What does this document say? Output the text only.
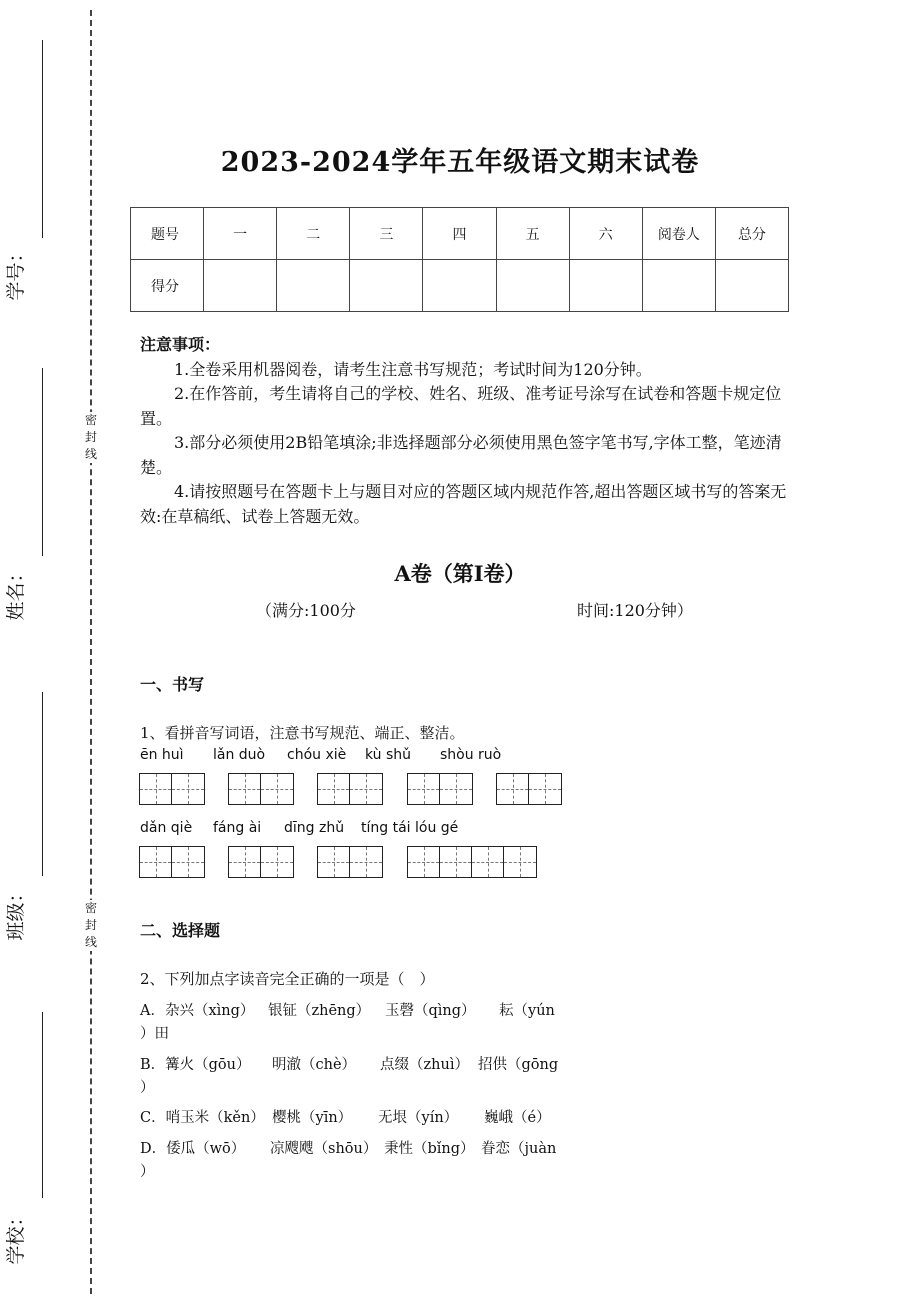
学号：
姓名：
班级：
学校：
密封线
密封线
2023-2024学年五年级语文期末试卷
题号	一	二	三	四	五	六	阅卷人	总分
得分								
注意事项：

1.全卷采用机器阅卷，请考生注意书写规范；考试时间为120分钟。

2.在作答前，考生请将自己的学校、姓名、班级、准考证号涂写在试卷和答题卡规定位置。

3.部分必须使用2B铅笔填涂;非选择题部分必须使用黑色签字笔书写,字体工整，笔迹清楚。

4.请按照题号在答题卡上与题目对应的答题区域内规范作答,超出答题区域书写的答案无效:在草稿纸、试卷上答题无效。

A卷（第I卷）
（满分:100分	时间:120分钟）
一、书写
1、看拼音写词语，注意书写规范、端正、整洁。
ēn huì lǎn duò chóu xiè kù shǔ shòu ruò
dǎn qiè fáng ài dīng zhǔ tíng tái lóu gé
二、选择题
2、下列加点字读音完全正确的一项是（　）
A．杂兴（xìng） 银钲（zhēng） 玉磬（qìng） 耘（yún
）田
B．篝火（gōu） 明澈（chè） 点缀（zhuì） 招供（gōng
）
C．哨玉米（kěn） 樱桃（yīn） 无垠（yín） 巍峨（é）
D．倭瓜（wō） 凉飕飕（shōu） 秉性（bǐng） 眷恋（juàn
）
